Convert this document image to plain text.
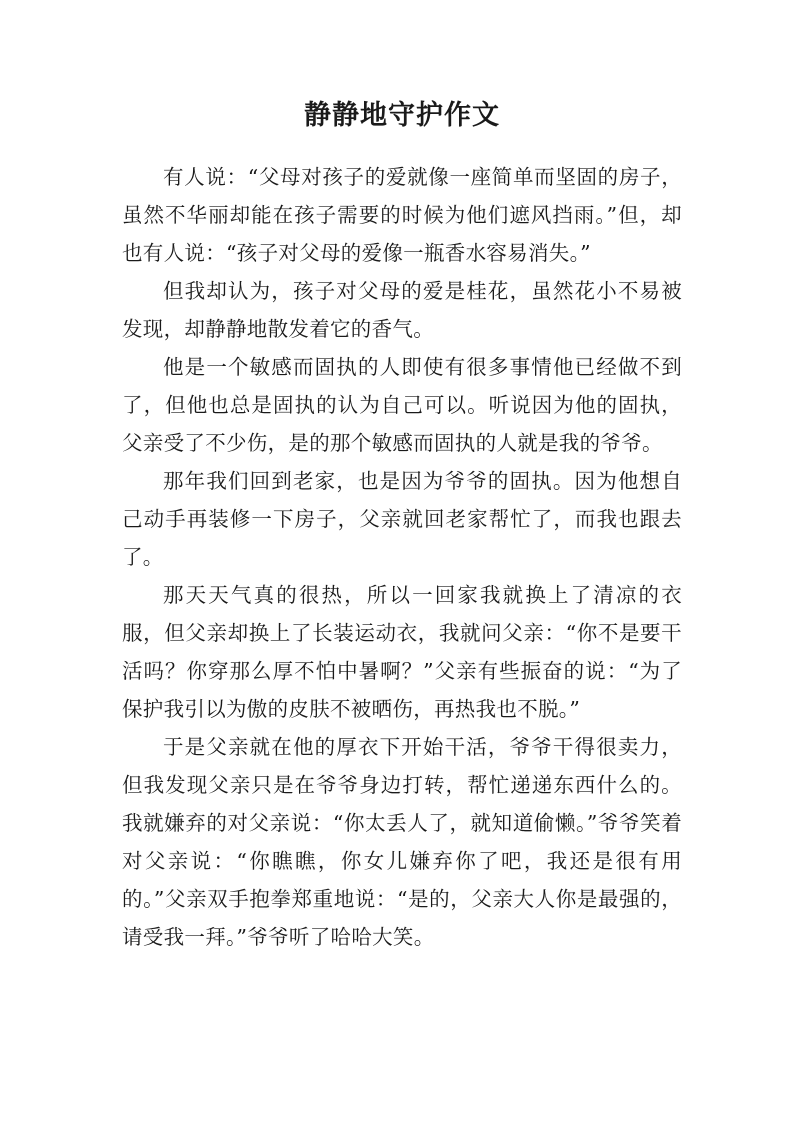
静静地守护作文

有人说：“父母对孩子的爱就像一座简单而坚固的房子，虽然不华丽却能在孩子需要的时候为他们遮风挡雨。”但，却也有人说：“孩子对父母的爱像一瓶香水容易消失。”

但我却认为，孩子对父母的爱是桂花，虽然花小不易被发现，却静静地散发着它的香气。

他是一个敏感而固执的人即使有很多事情他已经做不到了，但他也总是固执的认为自己可以。听说因为他的固执，父亲受了不少伤，是的那个敏感而固执的人就是我的爷爷。

那年我们回到老家，也是因为爷爷的固执。因为他想自己动手再装修一下房子，父亲就回老家帮忙了，而我也跟去了。

那天天气真的很热，所以一回家我就换上了清凉的衣服，但父亲却换上了长装运动衣，我就问父亲：“你不是要干活吗？你穿那么厚不怕中暑啊？”父亲有些振奋的说：“为了保护我引以为傲的皮肤不被晒伤，再热我也不脱。”

于是父亲就在他的厚衣下开始干活，爷爷干得很卖力，但我发现父亲只是在爷爷身边打转，帮忙递递东西什么的。我就嫌弃的对父亲说：“你太丢人了，就知道偷懒。”爷爷笑着对父亲说：“你瞧瞧，你女儿嫌弃你了吧，我还是很有用的。”父亲双手抱拳郑重地说：“是的，父亲大人你是最强的，请受我一拜。”爷爷听了哈哈大笑。
